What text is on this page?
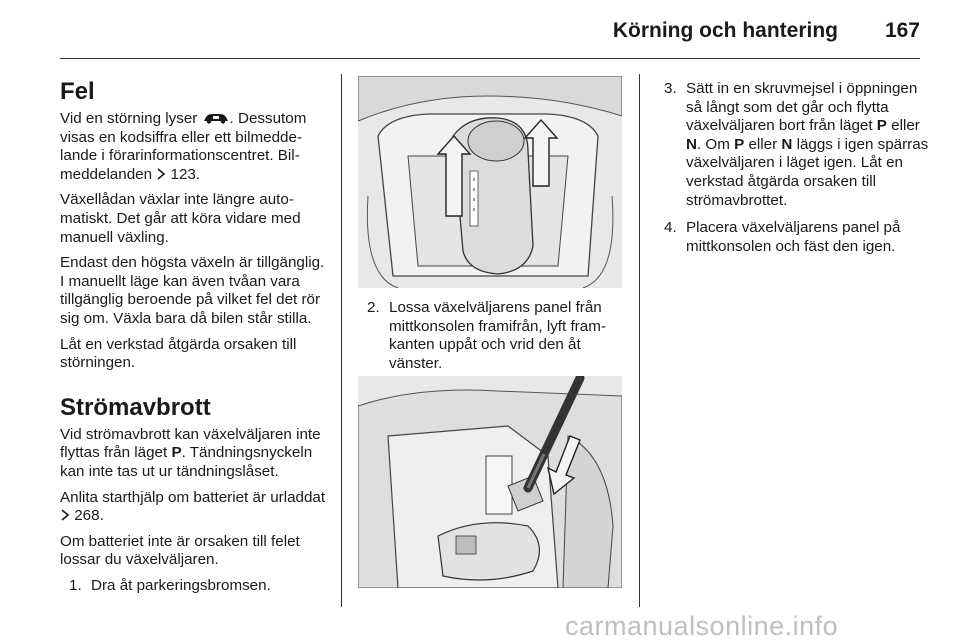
Körning och hantering 167
Fel

Vid en störning lyser . Dessutom visas en kodsiffra eller ett bilmeddelande i förarinformationscentret. Bilmeddelanden  123.

Växellådan växlar inte längre automatiskt. Det går att köra vidare med manuell växling.

Endast den högsta växeln är tillgänglig. I manuellt läge kan även tvåan vara tillgänglig beroende på vilket fel det rör sig om. Växla bara då bilen står stilla.

Låt en verkstad åtgärda orsaken till störningen.

Strömavbrott

Vid strömavbrott kan växelväljaren inte flyttas från läget P. Tändningsnyckeln kan inte tas ut ur tändningslåset.

Anlita starthjälp om batteriet är urladdat  268.

Om batteriet inte är orsaken till felet lossar du växelväljaren.

1. Dra åt parkeringsbromsen.
2. Lossa växelväljarens panel från mittkonsolen framifrån, lyft framkanten uppåt och vrid den åt vänster.
3. Sätt in en skruvmejsel i öppningen så långt som det går och flytta växelväljaren bort från läget P eller N. Om P eller N läggs i igen spärras växelväljaren i läget igen. Låt en verkstad åtgärda orsaken till strömavbrottet.
4. Placera växelväljarens panel på mittkonsolen och fäst den igen.
carmanualsonline.info
